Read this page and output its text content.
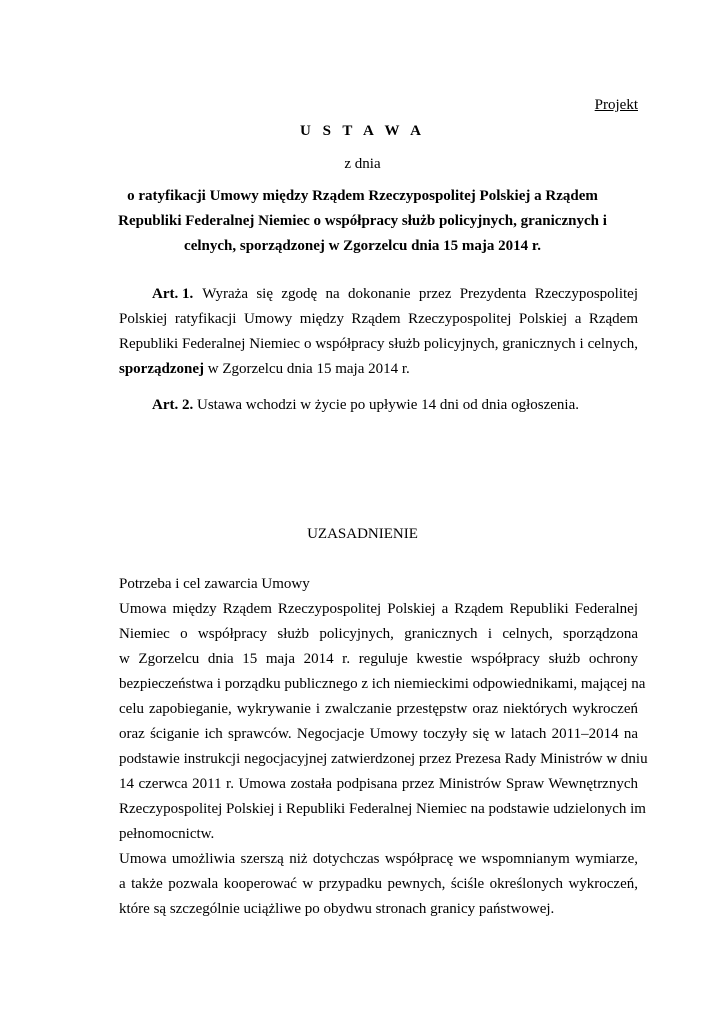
Projekt
U S T A W A
z dnia
o ratyfikacji Umowy między Rządem Rzeczypospolitej Polskiej a Rządem
Republiki Federalnej Niemiec o współpracy służb policyjnych, granicznych i
celnych, sporządzonej w Zgorzelcu dnia 15 maja 2014 r.
Art. 1. Wyraża się zgodę na dokonanie przez Prezydenta Rzeczypospolitej
Polskiej ratyfikacji Umowy między Rządem Rzeczypospolitej Polskiej a Rządem
Republiki Federalnej Niemiec o współpracy służb policyjnych, granicznych i celnych,
sporządzonej w Zgorzelcu dnia 15 maja 2014 r.
Art. 2. Ustawa wchodzi w życie po upływie 14 dni od dnia ogłoszenia.
UZASADNIENIE
Potrzeba i cel zawarcia Umowy
Umowa między Rządem Rzeczypospolitej Polskiej a Rządem Republiki Federalnej
Niemiec o współpracy służb policyjnych, granicznych i celnych, sporządzona
w Zgorzelcu dnia 15 maja 2014 r. reguluje kwestie współpracy służb ochrony
bezpieczeństwa i porządku publicznego z ich niemieckimi odpowiednikami, mającej na
celu zapobieganie, wykrywanie i zwalczanie przestępstw oraz niektórych wykroczeń
oraz ściganie ich sprawców. Negocjacje Umowy toczyły się w latach 2011–2014 na
podstawie instrukcji negocjacyjnej zatwierdzonej przez Prezesa Rady Ministrów w dniu
14 czerwca 2011 r. Umowa została podpisana przez Ministrów Spraw Wewnętrznych
Rzeczypospolitej Polskiej i Republiki Federalnej Niemiec na podstawie udzielonych im
pełnomocnictw.
Umowa umożliwia szerszą niż dotychczas współpracę we wspomnianym wymiarze,
a także pozwala kooperować w przypadku pewnych, ściśle określonych wykroczeń,
które są szczególnie uciążliwe po obydwu stronach granicy państwowej.
